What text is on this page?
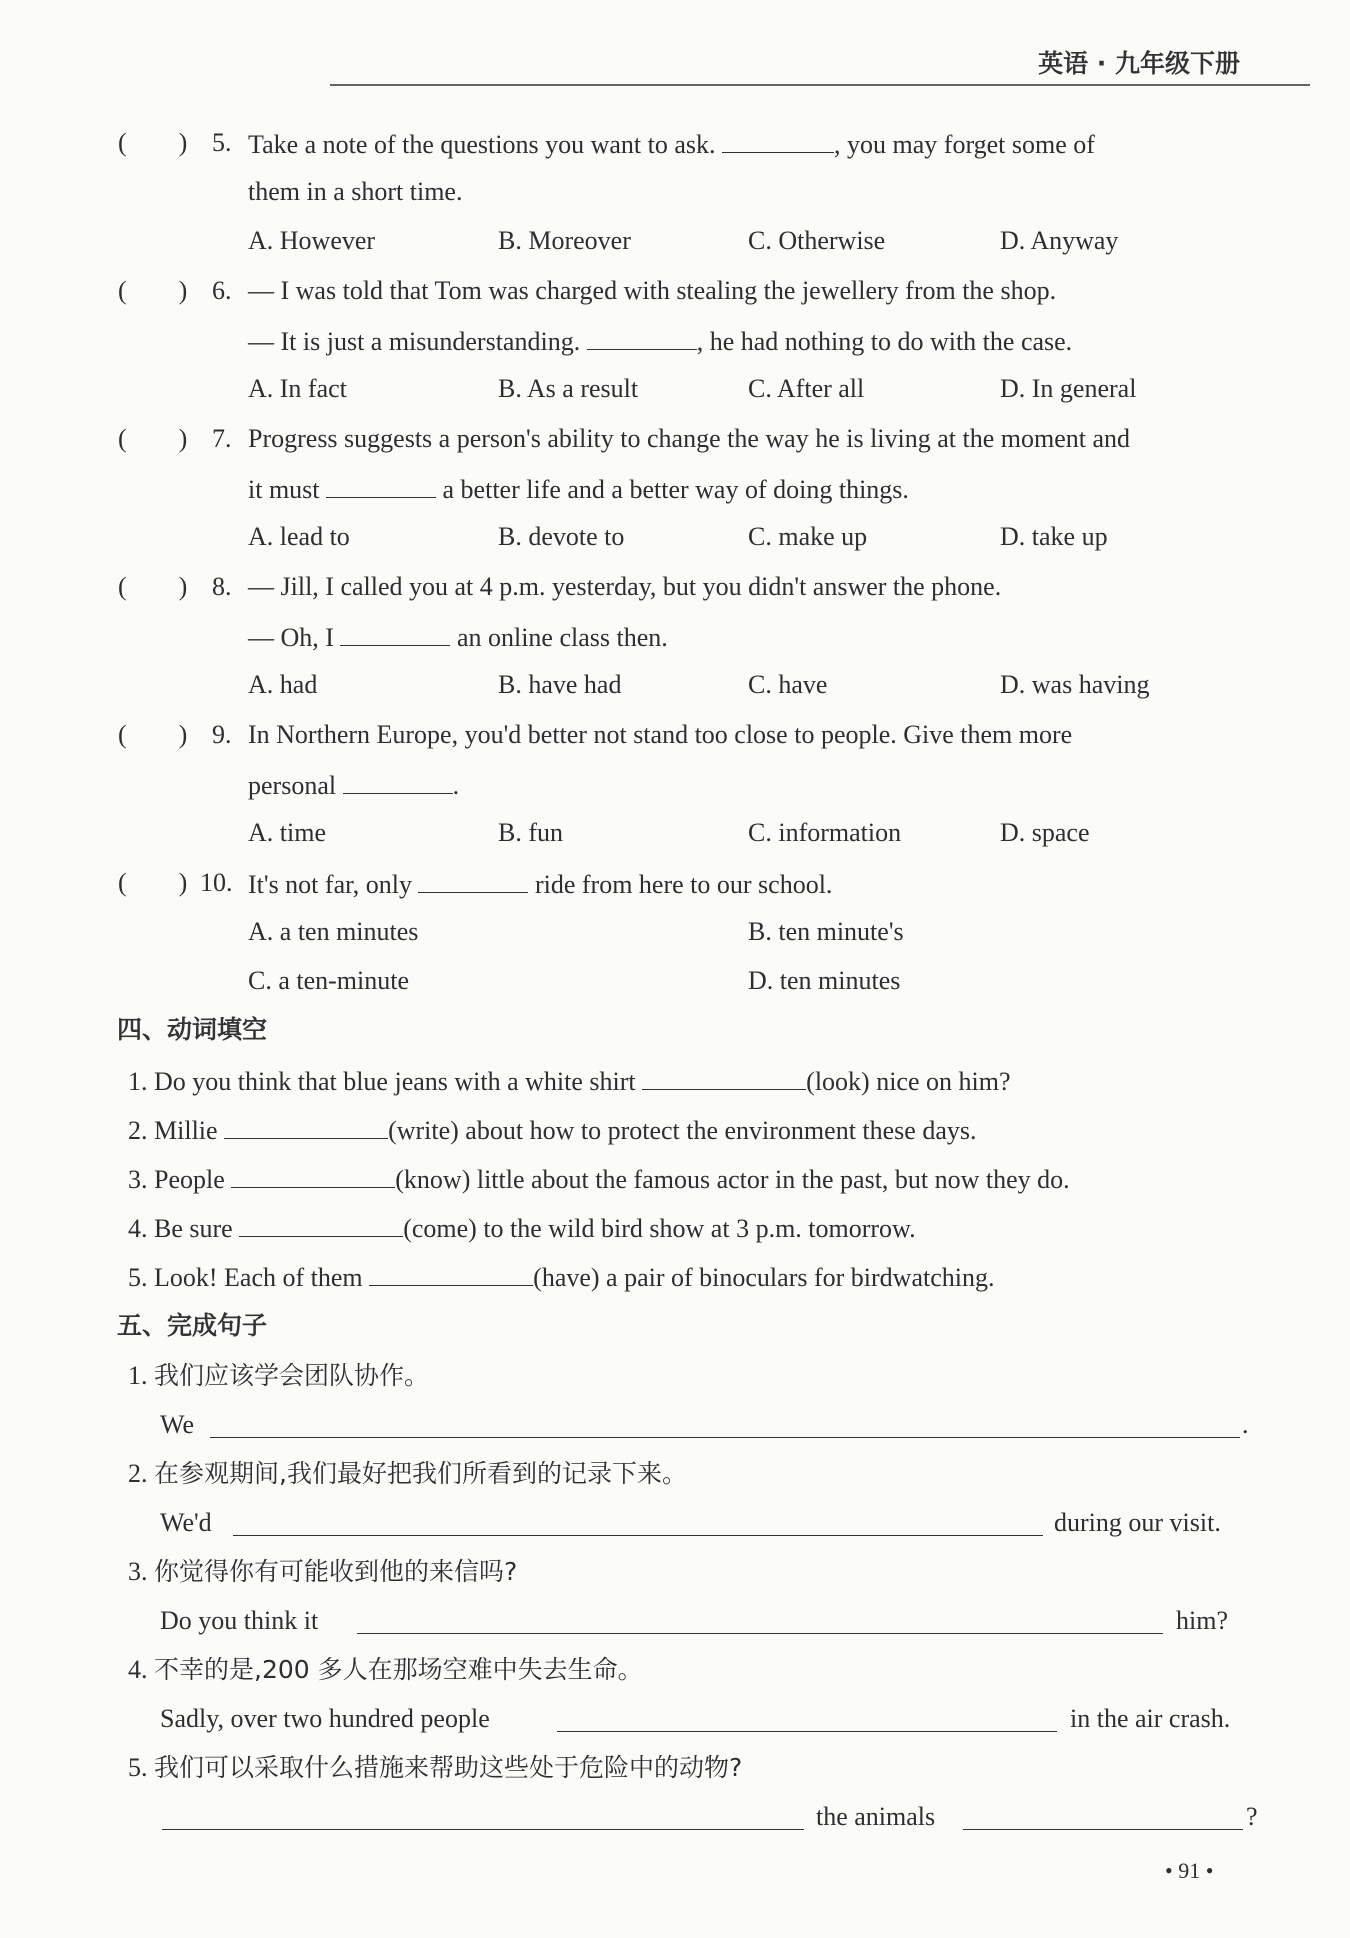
英语 · 九年级下册
(        ) 5. Take a note of the questions you want to ask.	, you may forget some of
them in a short time.
A. However	B. Moreover	C. Otherwise	D. Anyway
(        ) 6. — I was told that Tom was charged with stealing the jewellery from the shop.
— It is just a misunderstanding.	, he had nothing to do with the case.
A. In fact	B. As a result	C. After all	D. In general
(        ) 7. Progress suggests a person's ability to change the way he is living at the moment and
it must	a better life and a better way of doing things.
A. lead to	B. devote to	C. make up	D. take up
(        ) 8. — Jill, I called you at 4 p.m. yesterday, but you didn't answer the phone.
— Oh, I	an online class then.
A. had	B. have had	C. have	D. was having
(        ) 9. In Northern Europe, you'd better not stand too close to people. Give them more
personal	.
A. time	B. fun	C. information	D. space
(        ) 10. It's not far, only	ride from here to our school.
A. a ten minutes	B. ten minute's
C. a ten-minute	D. ten minutes
四、动词填空
1. Do you think that blue jeans with a white shirt	(look) nice on him?
2. Millie	(write) about how to protect the environment these days.
3. People	(know) little about the famous actor in the past, but now they do.
4. Be sure	(come) to the wild bird show at 3 p.m. tomorrow.
5. Look! Each of them	(have) a pair of binoculars for birdwatching.
五、完成句子
1. 我们应该学会团队协作。
We	.
2. 在参观期间,我们最好把我们所看到的记录下来。
We'd	during our visit.
3. 你觉得你有可能收到他的来信吗?
Do you think it	him?
4. 不幸的是,200 多人在那场空难中失去生命。
Sadly, over two hundred people	in the air crash.
5. 我们可以采取什么措施来帮助这些处于危险中的动物?
the animals	?
• 91 •
